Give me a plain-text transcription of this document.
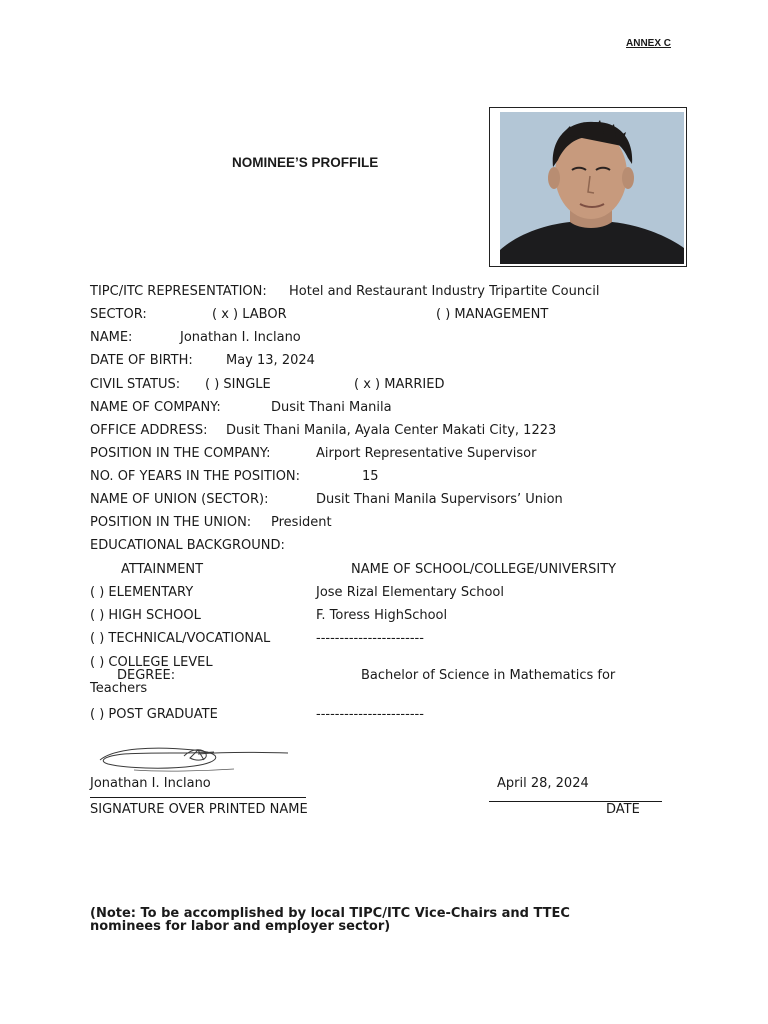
ANNEX C
NOMINEE’S PROFFILE
TIPC/ITC REPRESENTATION: Hotel and Restaurant Industry Tripartite Council
SECTOR:	( x ) LABOR	( ) MANAGEMENT
NAME:	Jonathan I. Inclano
DATE OF BIRTH:	May 13, 2024
CIVIL STATUS: ( ) SINGLE	( x ) MARRIED
NAME OF COMPANY:	Dusit Thani Manila
OFFICE ADDRESS: Dusit Thani Manila, Ayala Center Makati City, 1223
POSITION IN THE COMPANY:	Airport Representative Supervisor
NO. OF YEARS IN THE POSITION:	15
NAME OF UNION (SECTOR):	Dusit Thani Manila Supervisors’ Union
POSITION IN THE UNION: President
EDUCATIONAL BACKGROUND:
ATTAINMENT	NAME OF SCHOOL/COLLEGE/UNIVERSITY
( ) ELEMENTARY	Jose Rizal Elementary School
( ) HIGH SCHOOL	F. Toress HighSchool
( ) TECHNICAL/VOCATIONAL	-----------------------
( ) COLLEGE LEVEL
DEGREE:	Bachelor of Science in Mathematics for
Teachers
( ) POST GRADUATE	-----------------------
Jonathan I. Inclano
SIGNATURE OVER PRINTED NAME
April 28, 2024
DATE
(Note: To be accomplished by local TIPC/ITC Vice-Chairs and TTEC nominees for labor and employer sector)
